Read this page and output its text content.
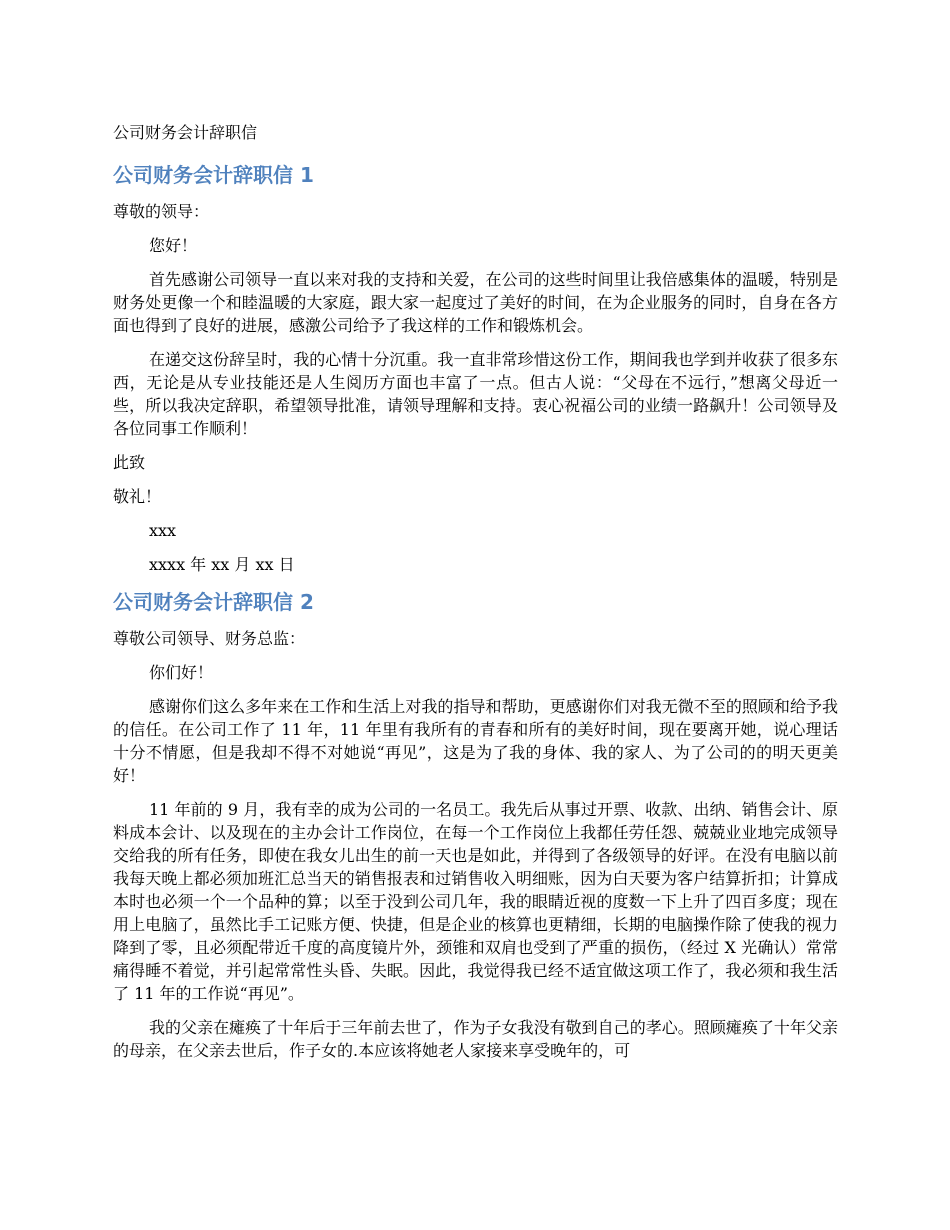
公司财务会计辞职信

公司财务会计辞职信 1

尊敬的领导：

您好！

首先感谢公司领导一直以来对我的支持和关爱，在公司的这些时间里让我倍感集体的温暖，特别是财务处更像一个和睦温暖的大家庭，跟大家一起度过了美好的时间，在为企业服务的同时，自身在各方面也得到了良好的进展，感激公司给予了我这样的工作和锻炼机会。

在递交这份辞呈时，我的心情十分沉重。我一直非常珍惜这份工作，期间我也学到并收获了很多东西，无论是从专业技能还是人生阅历方面也丰富了一点。但古人说：“父母在不远行，”想离父母近一些，所以我决定辞职，希望领导批准，请领导理解和支持。衷心祝福公司的业绩一路飙升！公司领导及各位同事工作顺利！

此致

敬礼！

xxx

xxxx 年 xx 月 xx 日

公司财务会计辞职信 2

尊敬公司领导、财务总监：

你们好！

感谢你们这么多年来在工作和生活上对我的指导和帮助，更感谢你们对我无微不至的照顾和给予我的信任。在公司工作了 11 年，11 年里有我所有的青春和所有的美好时间，现在要离开她，说心理话十分不情愿，但是我却不得不对她说“再见”，这是为了我的身体、我的家人、为了公司的的明天更美好！

11 年前的 9 月，我有幸的成为公司的一名员工。我先后从事过开票、收款、出纳、销售会计、原料成本会计、以及现在的主办会计工作岗位，在每一个工作岗位上我都任劳任怨、兢兢业业地完成领导交给我的所有任务，即使在我女儿出生的前一天也是如此，并得到了各级领导的好评。在没有电脑以前我每天晚上都必须加班汇总当天的销售报表和过销售收入明细账，因为白天要为客户结算折扣；计算成本时也必须一个一个品种的算；以至于没到公司几年，我的眼睛近视的度数一下上升了四百多度；现在用上电脑了，虽然比手工记账方便、快捷，但是企业的核算也更精细，长期的电脑操作除了使我的视力降到了零，且必须配带近千度的高度镜片外，颈锥和双肩也受到了严重的损伤，（经过 X 光确认）常常痛得睡不着觉，并引起常常性头昏、失眠。因此，我觉得我已经不适宜做这项工作了，我必须和我生活了 11 年的工作说“再见”。

我的父亲在瘫痪了十年后于三年前去世了，作为子女我没有敬到自己的孝心。照顾瘫痪了十年父亲的母亲，在父亲去世后，作子女的.本应该将她老人家接来享受晚年的，可
